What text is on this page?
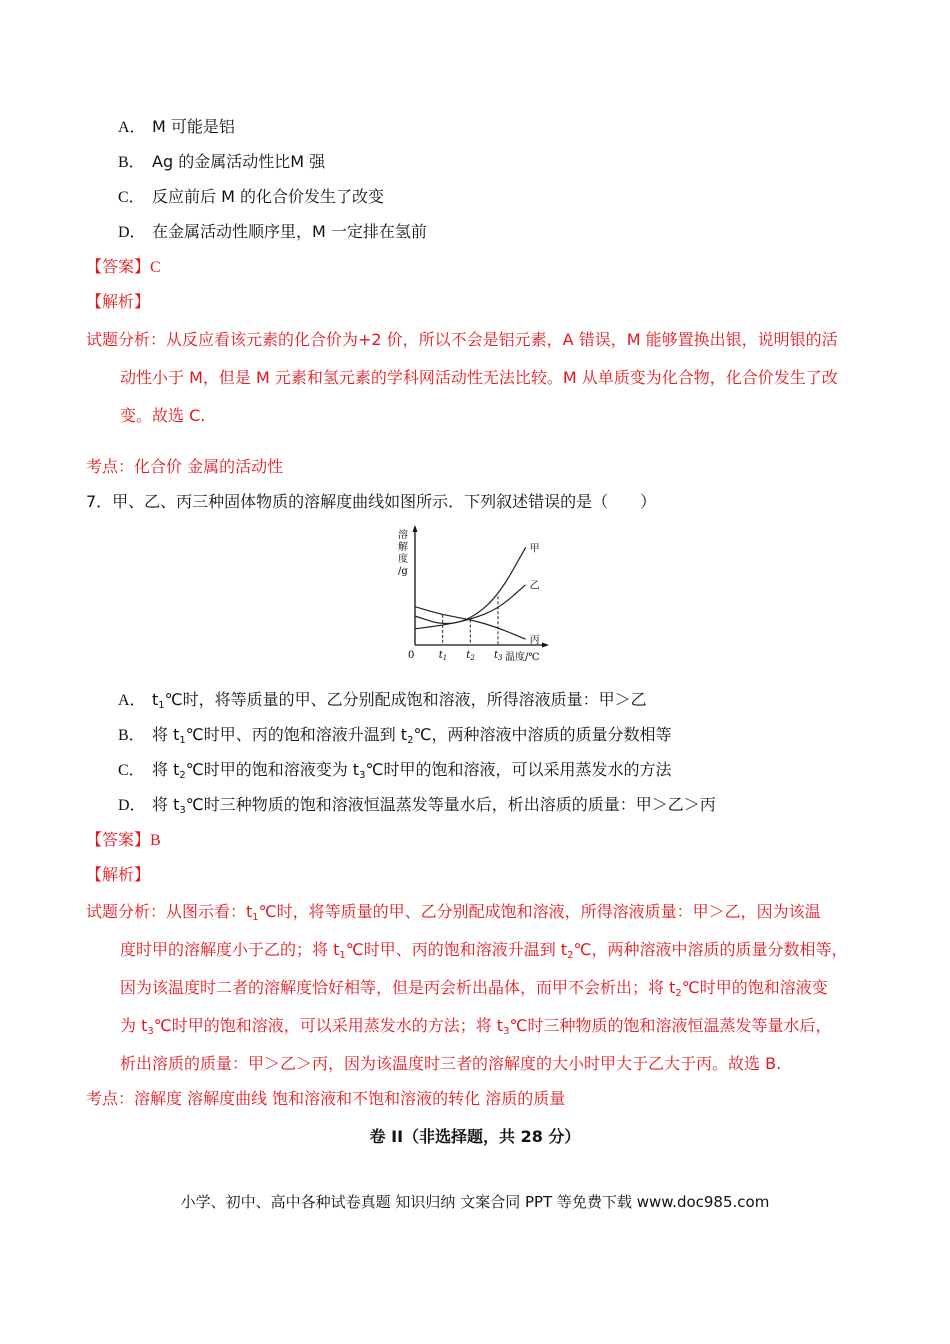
A． M 可能是铝
B． Ag 的金属活动性比M 强
C． 反应前后 M 的化合价发生了改变
D． 在金属活动性顺序里，M 一定排在氢前
【答案】C
【解析】
试题分析：从反应看该元素的化合价为+2 价，所以不会是铝元素，A 错误，M 能够置换出银，说明银的活
动性小于 M，但是 M 元素和氢元素的学科网活动性无法比较。M 从单质变为化合物，化合价发生了改
变。故选 C.
考点：化合价 金属的活动性
7．甲、乙、丙三种固体物质的溶解度曲线如图所示．下列叙述错误的是（　　）
溶
解
度
/g
0	温度/℃
甲
乙
丙
$t_1$ $t_2$ $t_3$
A． t1℃时，将等质量的甲、乙分别配成饱和溶液，所得溶液质量：甲＞乙
B． 将 t1℃时甲、丙的饱和溶液升温到 t2℃，两种溶液中溶质的质量分数相等
C． 将 t2℃时甲的饱和溶液变为 t3℃时甲的饱和溶液，可以采用蒸发水的方法
D． 将 t3℃时三种物质的饱和溶液恒温蒸发等量水后，析出溶质的质量：甲＞乙＞丙
【答案】B
【解析】
试题分析：从图示看：t1℃时，将等质量的甲、乙分别配成饱和溶液，所得溶液质量：甲＞乙，因为该温
度时甲的溶解度小于乙的；将 t1℃时甲、丙的饱和溶液升温到 t2℃，两种溶液中溶质的质量分数相等，
因为该温度时二者的溶解度恰好相等，但是丙会析出晶体，而甲不会析出；将 t2℃时甲的饱和溶液变
为 t3℃时甲的饱和溶液，可以采用蒸发水的方法；将 t3℃时三种物质的饱和溶液恒温蒸发等量水后，
析出溶质的质量：甲＞乙＞丙，因为该温度时三者的溶解度的大小时甲大于乙大于丙。故选 B.
考点：溶解度 溶解度曲线 饱和溶液和不饱和溶液的转化 溶质的质量
卷 II（非选择题，共 28 分）
小学、初中、高中各种试卷真题 知识归纳 文案合同 PPT 等免费下载 www.doc985.com
